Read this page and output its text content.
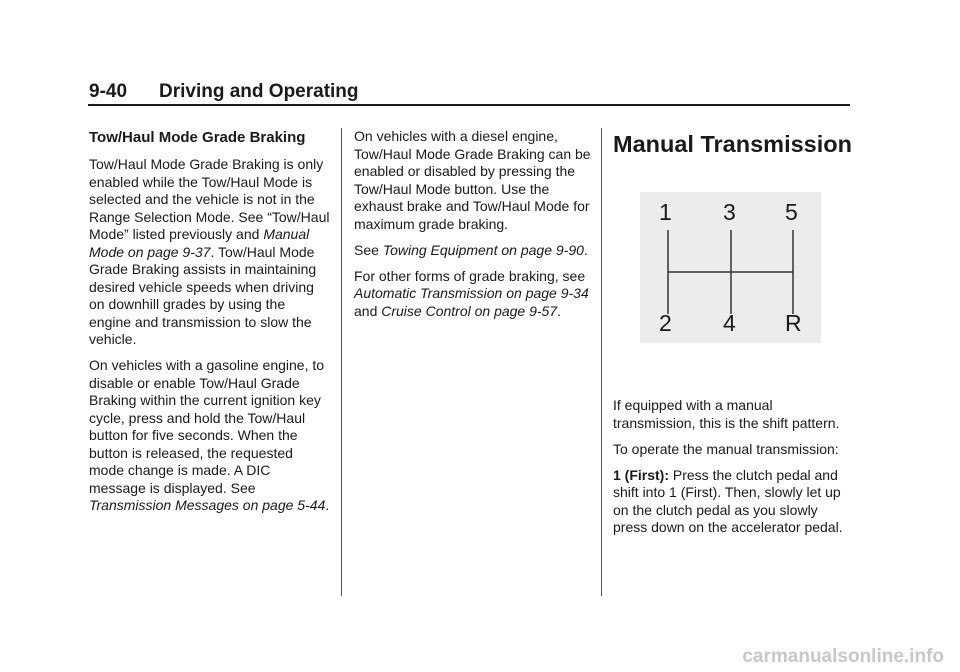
9-40 Driving and Operating
Tow/Haul Mode Grade Braking

Tow/Haul Mode Grade Braking is only enabled while the Tow/Haul Mode is selected and the vehicle is not in the Range Selection Mode. See “Tow/Haul Mode” listed previously and Manual Mode on page 9-37. Tow/Haul Mode Grade Braking assists in maintaining desired vehicle speeds when driving on downhill grades by using the engine and transmission to slow the vehicle.

On vehicles with a gasoline engine, to disable or enable Tow/Haul Grade Braking within the current ignition key cycle, press and hold the Tow/Haul button for five seconds. When the button is released, the requested mode change is made. A DIC message is displayed. See Transmission Messages on page 5-44.

On vehicles with a diesel engine, Tow/Haul Mode Grade Braking can be enabled or disabled by pressing the Tow/Haul Mode button. Use the exhaust brake and Tow/Haul Mode for maximum grade braking.

See Towing Equipment on page 9-90.

For other forms of grade braking, see Automatic Transmission on page 9-34 and Cruise Control on page 9-57.

Manual Transmission

If equipped with a manual transmission, this is the shift pattern.

To operate the manual transmission:

1 (First): Press the clutch pedal and shift into 1 (First). Then, slowly let up on the clutch pedal as you slowly press down on the accelerator pedal.

1 3 5
2 4 R
carmanualsonline.info
